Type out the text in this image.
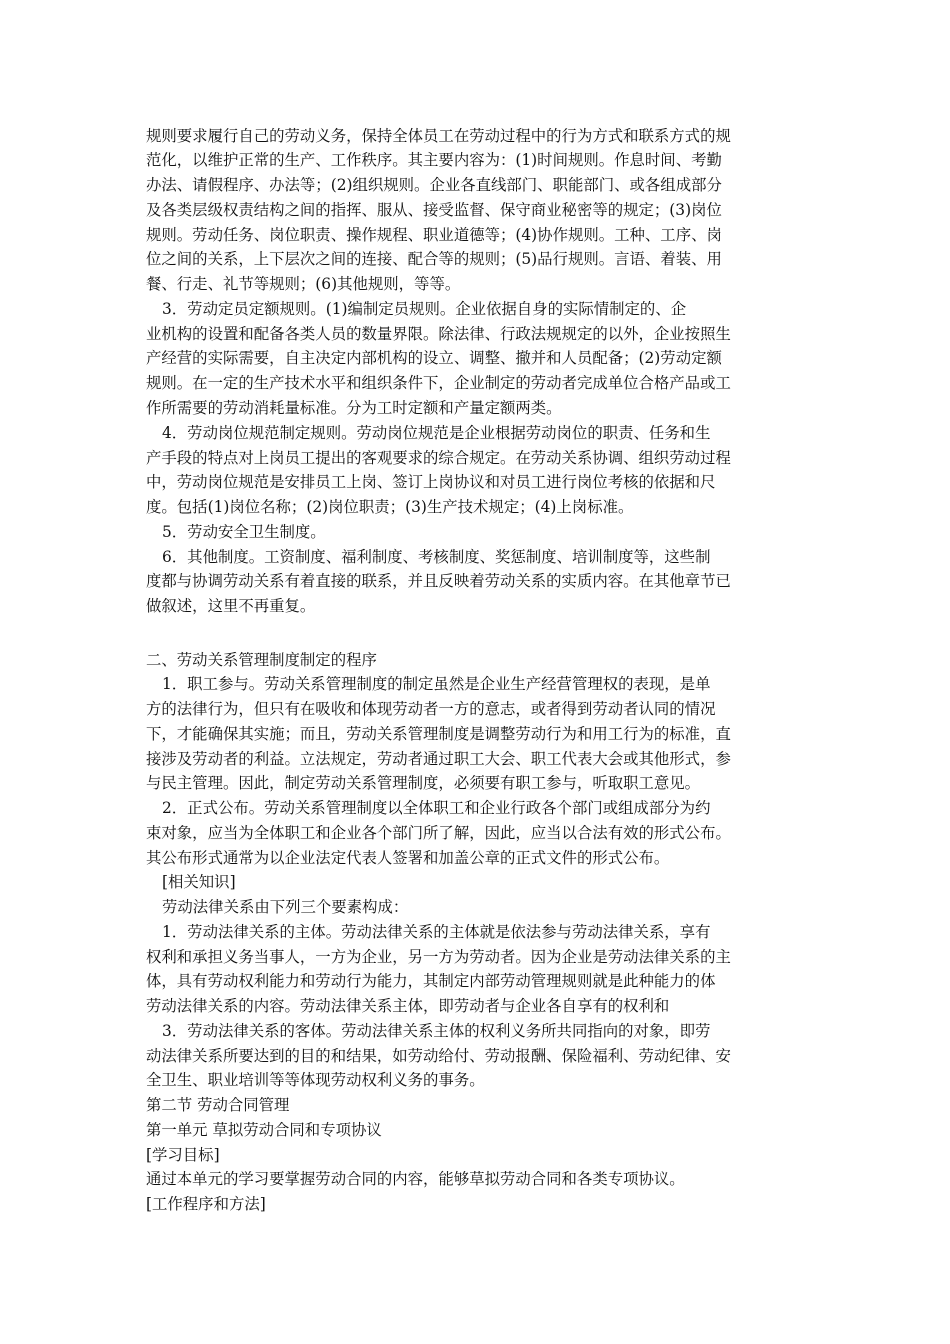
规则要求履行自己的劳动义务，保持全体员工在劳动过程中的行为方式和联系方式的规
范化，以维护正常的生产、工作秩序。其主要内容为：(1)时间规则。作息时间、考勤
办法、请假程序、办法等；(2)组织规则。企业各直线部门、职能部门、或各组成部分
及各类层级权责结构之间的指挥、服从、接受监督、保守商业秘密等的规定；(3)岗位
规则。劳动任务、岗位职责、操作规程、职业道德等；(4)协作规则。工种、工序、岗
位之间的关系，上下层次之间的连接、配合等的规则；(5)品行规则。言语、着装、用
餐、行走、礼节等规则；(6)其他规则，等等。
3．劳动定员定额规则。(1)编制定员规则。企业依据自身的实际情制定的、企
业机构的设置和配备各类人员的数量界限。除法律、行政法规规定的以外，企业按照生
产经营的实际需要，自主决定内部机构的设立、调整、撤并和人员配备；(2)劳动定额
规则。在一定的生产技术水平和组织条件下，企业制定的劳动者完成单位合格产品或工
作所需要的劳动消耗量标准。分为工时定额和产量定额两类。
4．劳动岗位规范制定规则。劳动岗位规范是企业根据劳动岗位的职责、任务和生
产手段的特点对上岗员工提出的客观要求的综合规定。在劳动关系协调、组织劳动过程
中，劳动岗位规范是安排员工上岗、签订上岗协议和对员工进行岗位考核的依据和尺
度。包括(1)岗位名称；(2)岗位职责；(3)生产技术规定；(4)上岗标准。
5．劳动安全卫生制度。
6．其他制度。工资制度、福利制度、考核制度、奖惩制度、培训制度等，这些制
度都与协调劳动关系有着直接的联系，并且反映着劳动关系的实质内容。在其他章节已
做叙述，这里不再重复。
二、劳动关系管理制度制定的程序
1．职工参与。劳动关系管理制度的制定虽然是企业生产经营管理权的表现，是单
方的法律行为，但只有在吸收和体现劳动者一方的意志，或者得到劳动者认同的情况
下，才能确保其实施；而且，劳动关系管理制度是调整劳动行为和用工行为的标准，直
接涉及劳动者的利益。立法规定，劳动者通过职工大会、职工代表大会或其他形式，参
与民主管理。因此，制定劳动关系管理制度，必须要有职工参与，听取职工意见。
2．正式公布。劳动关系管理制度以全体职工和企业行政各个部门或组成部分为约
束对象，应当为全体职工和企业各个部门所了解，因此，应当以合法有效的形式公布。
其公布形式通常为以企业法定代表人签署和加盖公章的正式文件的形式公布。
[相关知识]
劳动法律关系由下列三个要素构成：
1．劳动法律关系的主体。劳动法律关系的主体就是依法参与劳动法律关系，享有
权利和承担义务当事人，一方为企业，另一方为劳动者。因为企业是劳动法律关系的主
体，具有劳动权利能力和劳动行为能力，其制定内部劳动管理规则就是此种能力的体
劳动法律关系的内容。劳动法律关系主体，即劳动者与企业各自享有的权利和
3．劳动法律关系的客体。劳动法律关系主体的权利义务所共同指向的对象，即劳
动法律关系所要达到的目的和结果，如劳动给付、劳动报酬、保险福利、劳动纪律、安
全卫生、职业培训等等体现劳动权利义务的事务。
第二节 劳动合同管理
第一单元 草拟劳动合同和专项协议
[学习目标]
通过本单元的学习要掌握劳动合同的内容，能够草拟劳动合同和各类专项协议。
[工作程序和方法]
